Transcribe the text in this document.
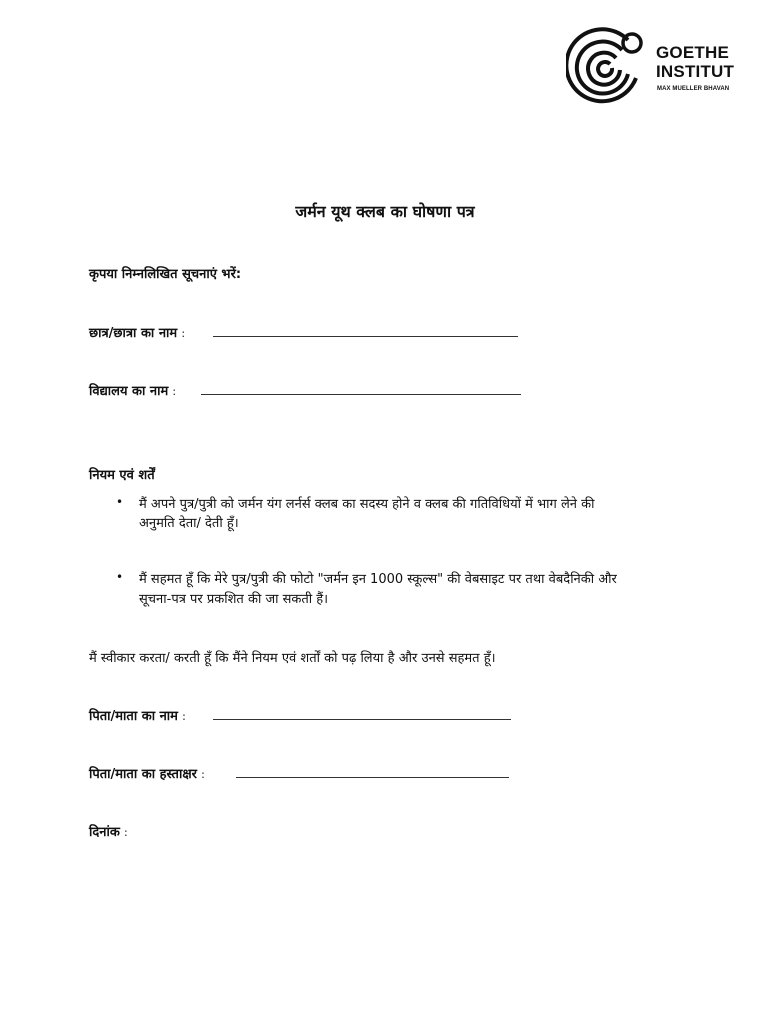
GOETHE
INSTITUT
MAX MUELLER BHAVAN
जर्मन यूथ क्लब का घोषणा पत्र
कृपया निम्नलिखित सूचनाएं भरें:
छात्र/छात्रा का नाम :
विद्यालय का नाम :
नियम एवं शर्तें
• मैं अपने पुत्र/पुत्री को जर्मन यंग लर्नर्स क्लब का सदस्य होने व क्लब की गतिविधियों में भाग लेने की
अनुमति देता/ देती हूँ।
• मैं सहमत हूँ कि मेरे पुत्र/पुत्री की फोटो "जर्मन इन 1000 स्कूल्स" की वेबसाइट पर तथा वेबदैनिकी और
सूचना-पत्र पर प्रकशित की जा सकती हैं।
मैं स्वीकार करता/ करती हूँ कि मैंने नियम एवं शर्तों को पढ़ लिया है और उनसे सहमत हूँ।
पिता/माता का नाम :
पिता/माता का हस्ताक्षर :
दिनांक :
